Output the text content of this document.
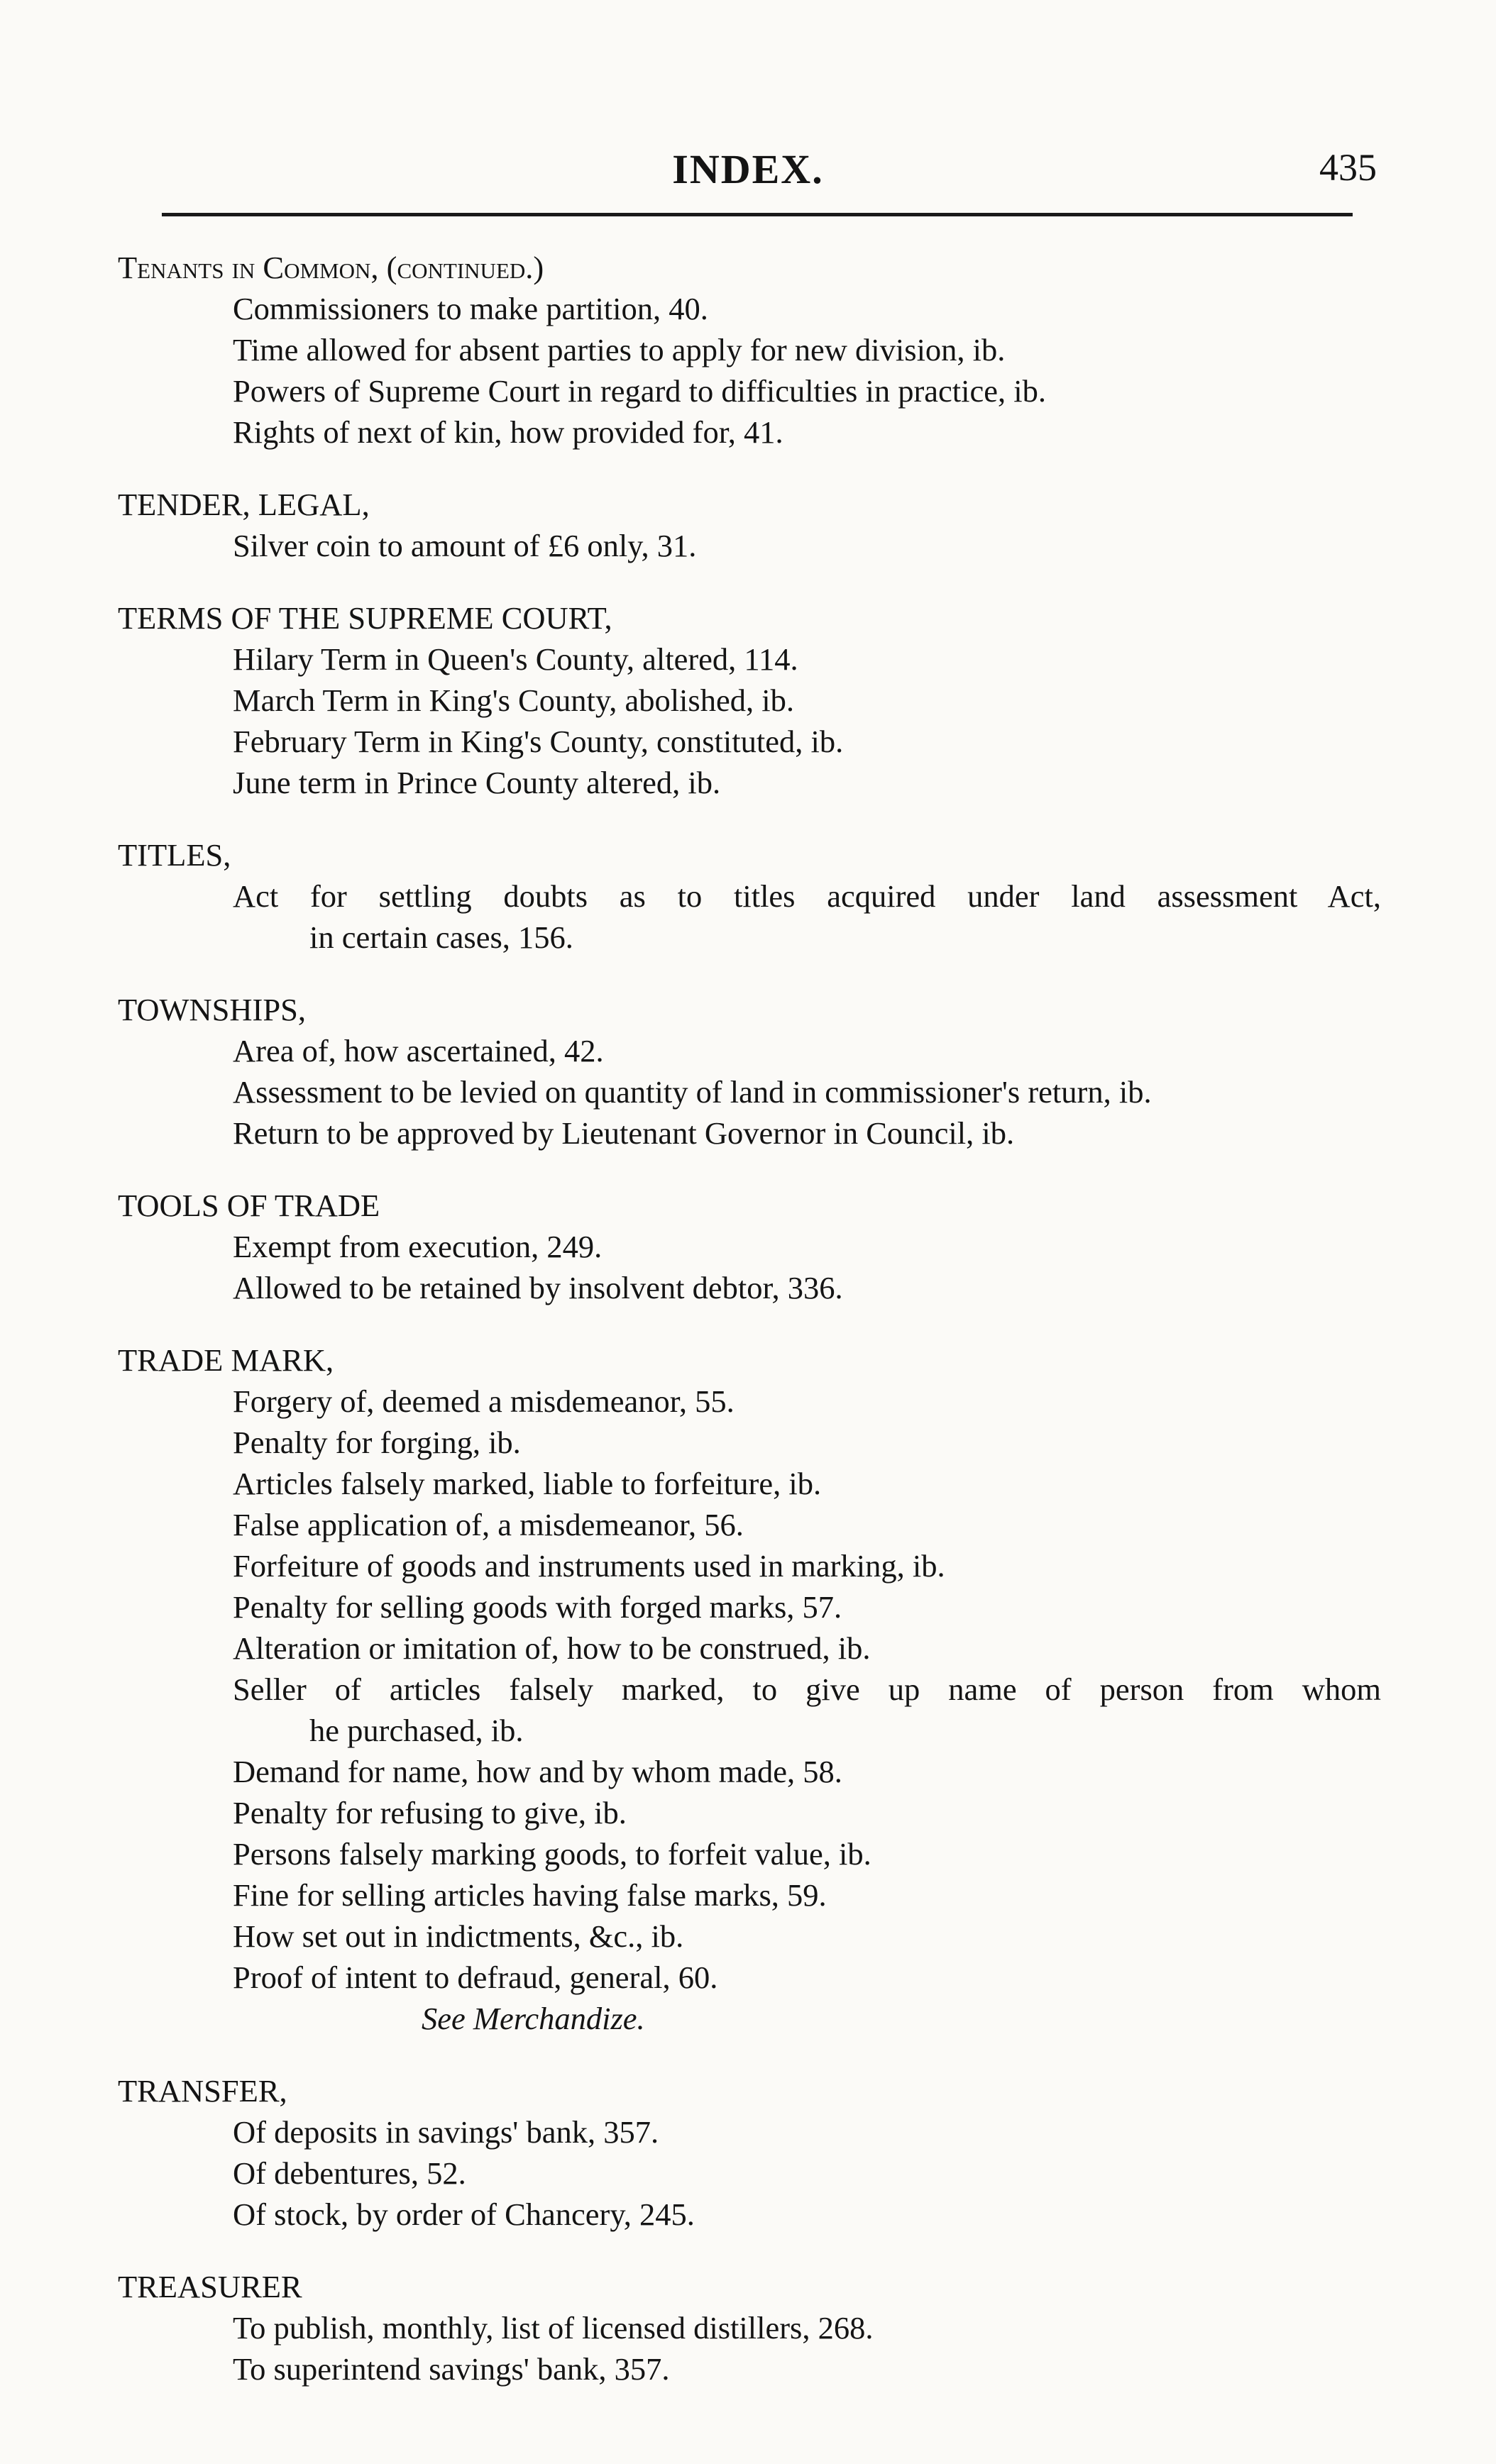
INDEX.	435
Tenants in Common, (continued.)
Commissioners to make partition, 40.
Time allowed for absent parties to apply for new division, ib.
Powers of Supreme Court in regard to difficulties in practice, ib.
Rights of next of kin, how provided for, 41.
TENDER, LEGAL,
Silver coin to amount of £6 only, 31.
TERMS OF THE SUPREME COURT,
Hilary Term in Queen's County, altered, 114.
March Term in King's County, abolished, ib.
February Term in King's County, constituted, ib.
June term in Prince County altered, ib.
TITLES,
Act for settling doubts as to titles acquired under land assessment Act,
in certain cases, 156.
TOWNSHIPS,
Area of, how ascertained, 42.
Assessment to be levied on quantity of land in commissioner's return, ib.
Return to be approved by Lieutenant Governor in Council, ib.
TOOLS OF TRADE
Exempt from execution, 249.
Allowed to be retained by insolvent debtor, 336.
TRADE MARK,
Forgery of, deemed a misdemeanor, 55.
Penalty for forging, ib.
Articles falsely marked, liable to forfeiture, ib.
False application of, a misdemeanor, 56.
Forfeiture of goods and instruments used in marking, ib.
Penalty for selling goods with forged marks, 57.
Alteration or imitation of, how to be construed, ib.
Seller of articles falsely marked, to give up name of person from whom
he purchased, ib.
Demand for name, how and by whom made, 58.
Penalty for refusing to give, ib.
Persons falsely marking goods, to forfeit value, ib.
Fine for selling articles having false marks, 59.
How set out in indictments, &c., ib.
Proof of intent to defraud, general, 60.
See Merchandize.
TRANSFER,
Of deposits in savings' bank, 357.
Of debentures, 52.
Of stock, by order of Chancery, 245.
TREASURER
To publish, monthly, list of licensed distillers, 268.
To superintend savings' bank, 357.
